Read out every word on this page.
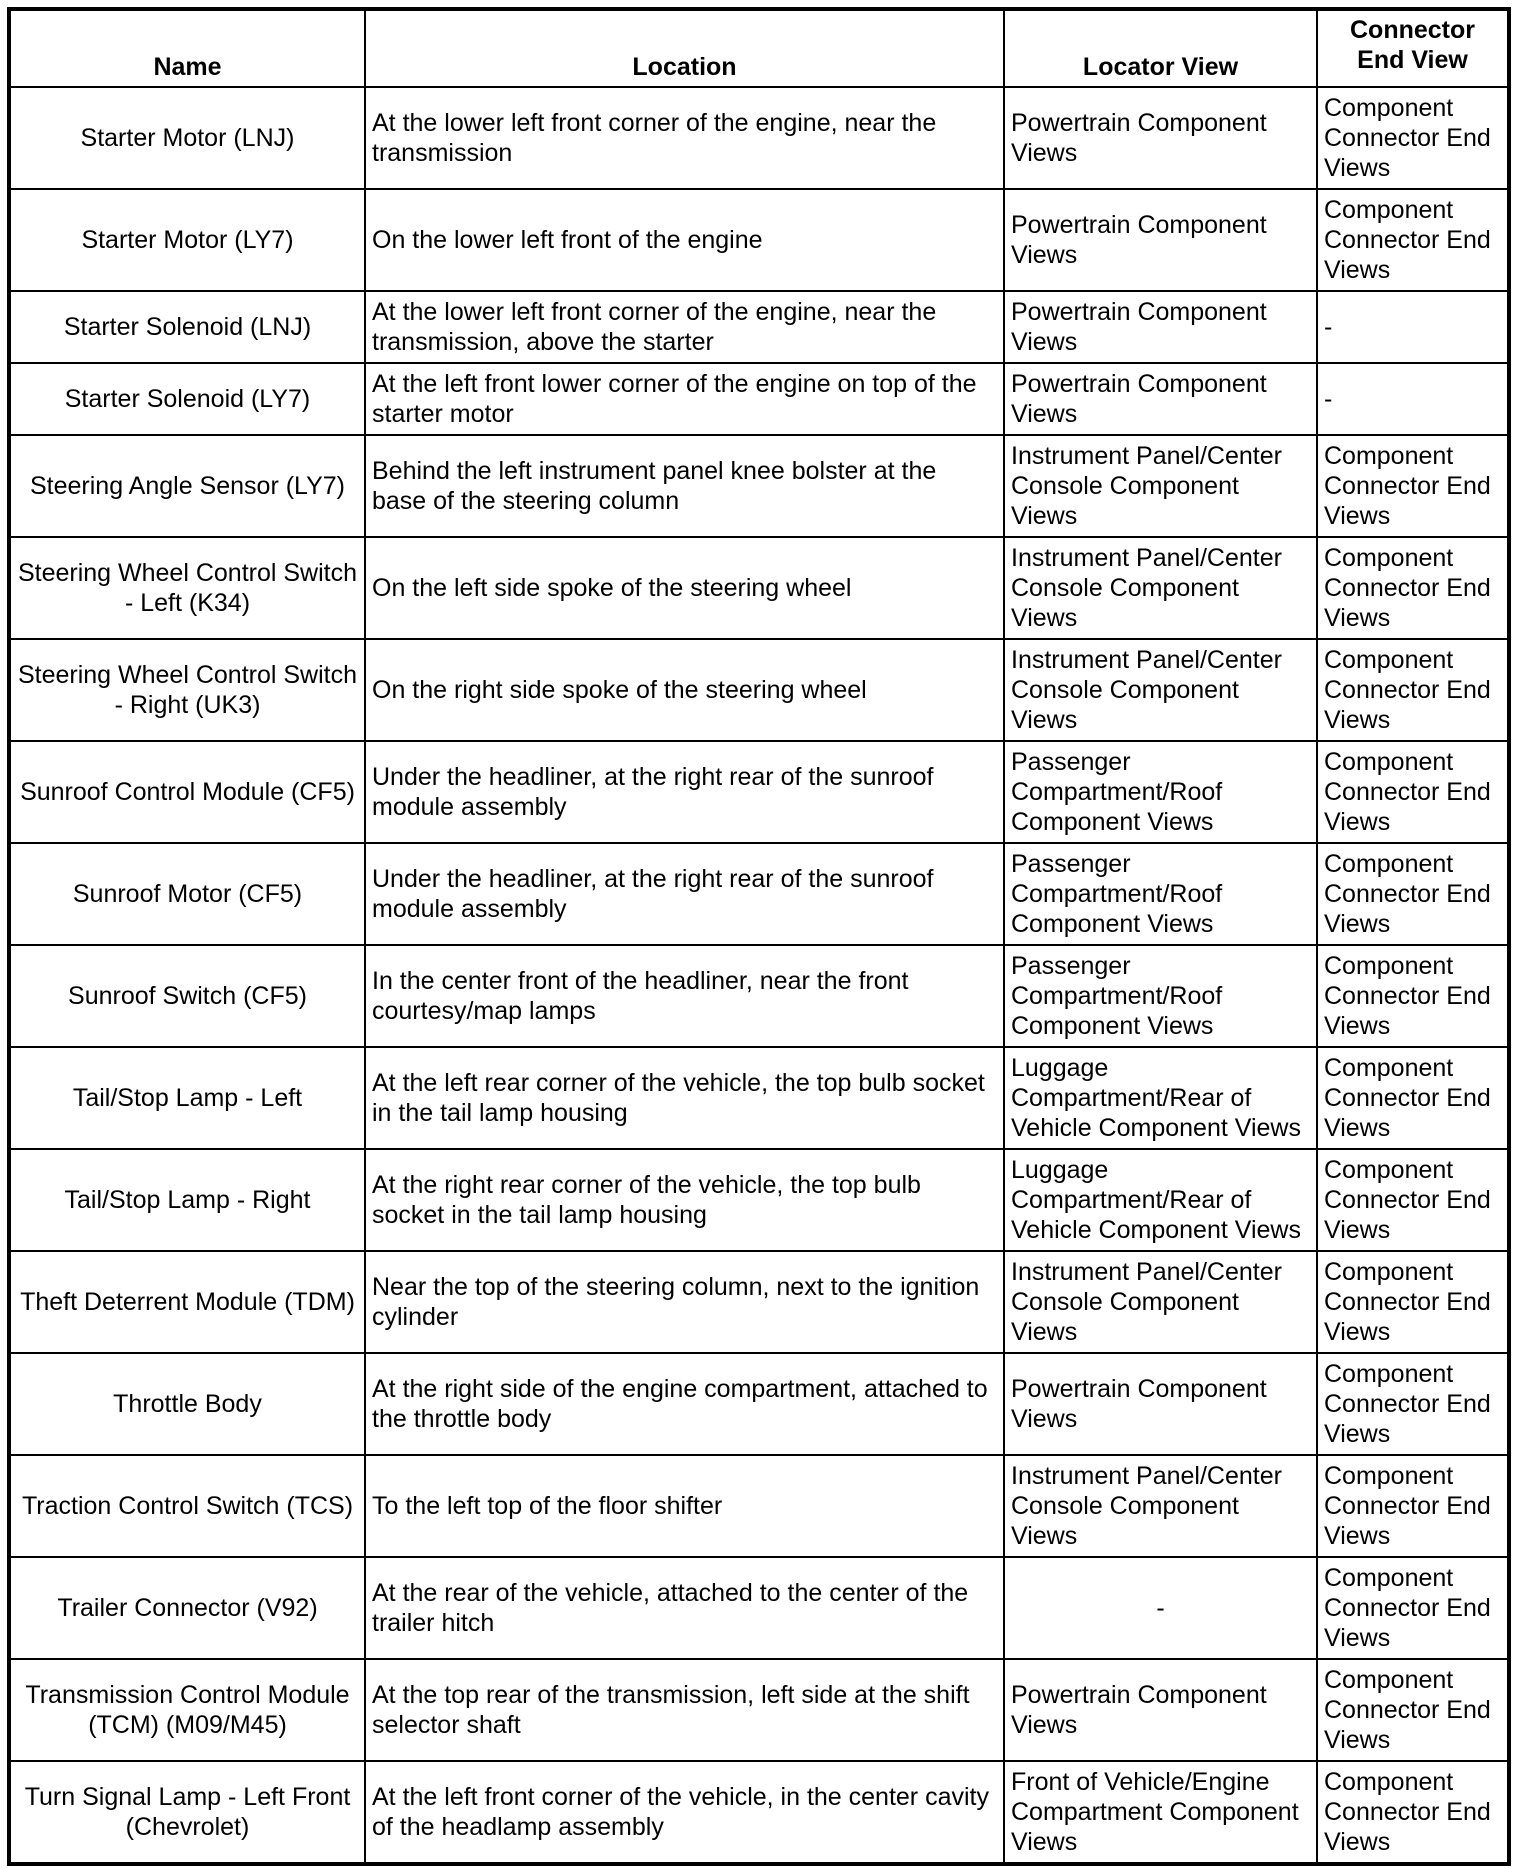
Name	Location	Locator View	Connector End View
Starter Motor (LNJ)	At the lower left front corner of the engine, near the transmission	Powertrain Component Views	Component Connector End Views
Starter Motor (LY7)	On the lower left front of the engine	Powertrain Component Views	Component Connector End Views
Starter Solenoid (LNJ)	At the lower left front corner of the engine, near the transmission, above the starter	Powertrain Component Views	-
Starter Solenoid (LY7)	At the left front lower corner of the engine on top of the starter motor	Powertrain Component Views	-
Steering Angle Sensor (LY7)	Behind the left instrument panel knee bolster at the base of the steering column	Instrument Panel/Center Console Component Views	Component Connector End Views
Steering Wheel Control Switch - Left (K34)	On the left side spoke of the steering wheel	Instrument Panel/Center Console Component Views	Component Connector End Views
Steering Wheel Control Switch - Right (UK3)	On the right side spoke of the steering wheel	Instrument Panel/Center Console Component Views	Component Connector End Views
Sunroof Control Module (CF5)	Under the headliner, at the right rear of the sunroof module assembly	Passenger Compartment/Roof Component Views	Component Connector End Views
Sunroof Motor (CF5)	Under the headliner, at the right rear of the sunroof module assembly	Passenger Compartment/Roof Component Views	Component Connector End Views
Sunroof Switch (CF5)	In the center front of the headliner, near the front courtesy/map lamps	Passenger Compartment/Roof Component Views	Component Connector End Views
Tail/Stop Lamp - Left	At the left rear corner of the vehicle, the top bulb socket in the tail lamp housing	Luggage Compartment/Rear of Vehicle Component Views	Component Connector End Views
Tail/Stop Lamp - Right	At the right rear corner of the vehicle, the top bulb socket in the tail lamp housing	Luggage Compartment/Rear of Vehicle Component Views	Component Connector End Views
Theft Deterrent Module (TDM)	Near the top of the steering column, next to the ignition cylinder	Instrument Panel/Center Console Component Views	Component Connector End Views
Throttle Body	At the right side of the engine compartment, attached to the throttle body	Powertrain Component Views	Component Connector End Views
Traction Control Switch (TCS)	To the left top of the floor shifter	Instrument Panel/Center Console Component Views	Component Connector End Views
Trailer Connector (V92)	At the rear of the vehicle, attached to the center of the trailer hitch	-	Component Connector End Views
Transmission Control Module (TCM) (M09/M45)	At the top rear of the transmission, left side at the shift selector shaft	Powertrain Component Views	Component Connector End Views
Turn Signal Lamp - Left Front (Chevrolet)	At the left front corner of the vehicle, in the center cavity of the headlamp assembly	Front of Vehicle/Engine Compartment Component Views	Component Connector End Views
